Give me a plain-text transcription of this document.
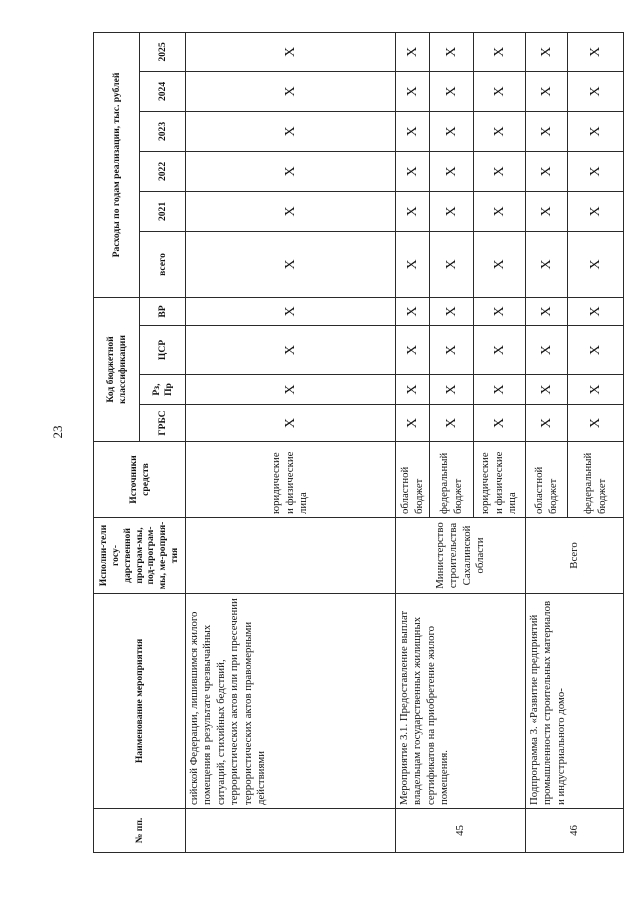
23
№ пп.	Наименование мероприятия	Исполни-тели госу-дарственной програм-мы, под-програм-мы, ме-роприя-тия	Источники средств	Код бюджетной классификации				Расходы по годам реализации, тыс. рублей					
				ГРБС	Рз, Пр	ЦСР	ВР	всего	2021	2022	2023	2024	2025
	сийской Федерации, лишившимся жилого помещения в результате чрезвычайных ситуаций, стихийных бедствий, террористических актов или при пресечении террористических актов правомерными действиями		юридические и физические лица	X	X	X	X	X	X	X	X	X	X
45	Мероприятие 3.1. Предоставление выплат владельцам государственных жилищных сертификатов на приобретение жилого помещения.	Министерство строительства Сахалинской области	областной бюджет	X	X	X	X	X	X	X	X	X	X
			федеральный бюджет	X	X	X	X	X	X	X	X	X	X
			юридические и физические лица	X	X	X	X	X	X	X	X	X	X
46	Подпрограмма 3. «Развитие предприятий промышленности строительных материалов и индустриального домо-	Всего	областной бюджет	X	X	X	X	X	X	X	X	X	X
			федеральный бюджет	X	X	X	X	X	X	X	X	X	X
